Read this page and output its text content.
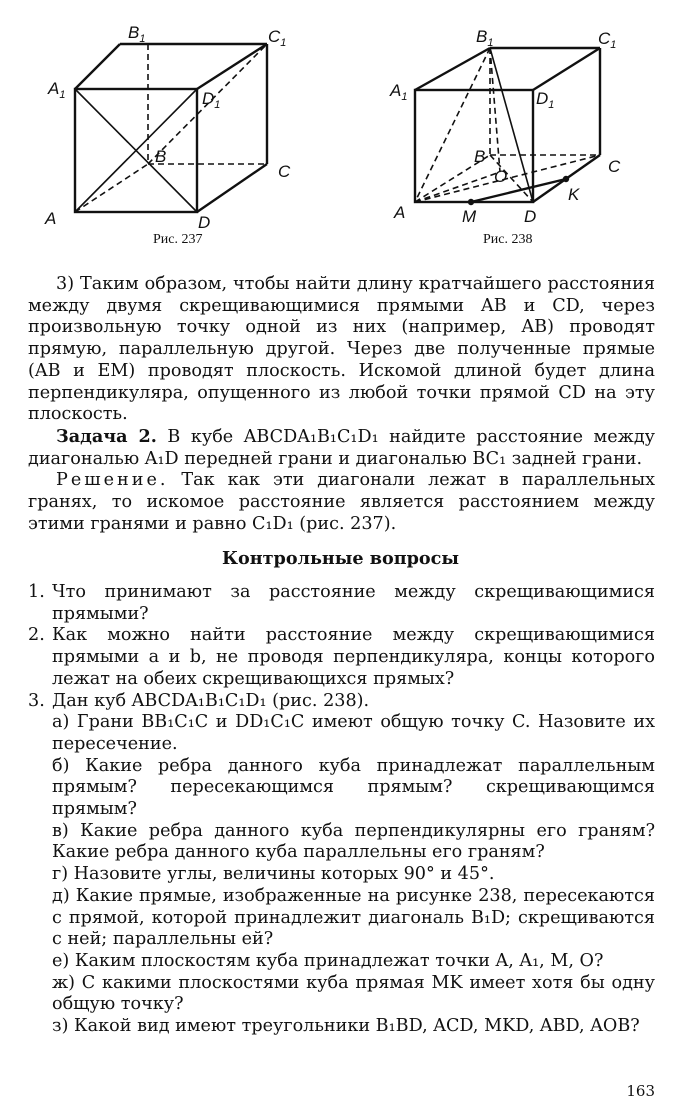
A
$A_1$
B
$B_1$
C
$C_1$
D
$D_1$
Рис. 237
A
$A_1$
B
$B_1$
C
$C_1$
D
$D_1$
M
K
O
Рис. 238

3) Таким образом, чтобы найти длину кратчайшего расстояния между двумя скрещивающимися прямыми AB и CD, через произвольную точку одной из них (например, AB) проводят прямую, параллельную другой. Через две полученные прямые (AB и EM) проводят плоскость. Искомой длиной будет длина перпендикуляра, опущенного из любой точки прямой CD на эту плоскость.

Задача 2. В кубе ABCDA₁B₁C₁D₁ найдите расстояние между диагональю A₁D передней грани и диагональю BC₁ задней грани.

Решение. Так как эти диагонали лежат в параллельных гранях, то искомое расстояние является расстоянием между этими гранями и равно C₁D₁ (рис. 237).

Контрольные вопросы
1. Что принимают за расстояние между скрещивающимися прямыми?
2. Как можно найти расстояние между скрещивающимися прямыми a и b, не проводя перпендикуляра, концы которого лежат на обеих скрещивающихся прямых?
3. Дан куб ABCDA₁B₁C₁D₁ (рис. 238).
а) Грани BB₁C₁C и DD₁C₁C имеют общую точку C. Назовите их пересечение.
б) Какие ребра данного куба принадлежат параллельным прямым? пересекающимся прямым? скрещивающимся прямым?
в) Какие ребра данного куба перпендикулярны его граням? Какие ребра данного куба параллельны его граням?
г) Назовите углы, величины которых 90° и 45°.
д) Какие прямые, изображенные на рисунке 238, пересекаются с прямой, которой принадлежит диагональ B₁D; скрещиваются с ней; параллельны ей?
е) Каким плоскостям куба принадлежат точки A, A₁, M, O?
ж) С какими плоскостями куба прямая MK имеет хотя бы одну общую точку?
з) Какой вид имеют треугольники B₁BD, ACD, MKD, ABD, AOB?
163
